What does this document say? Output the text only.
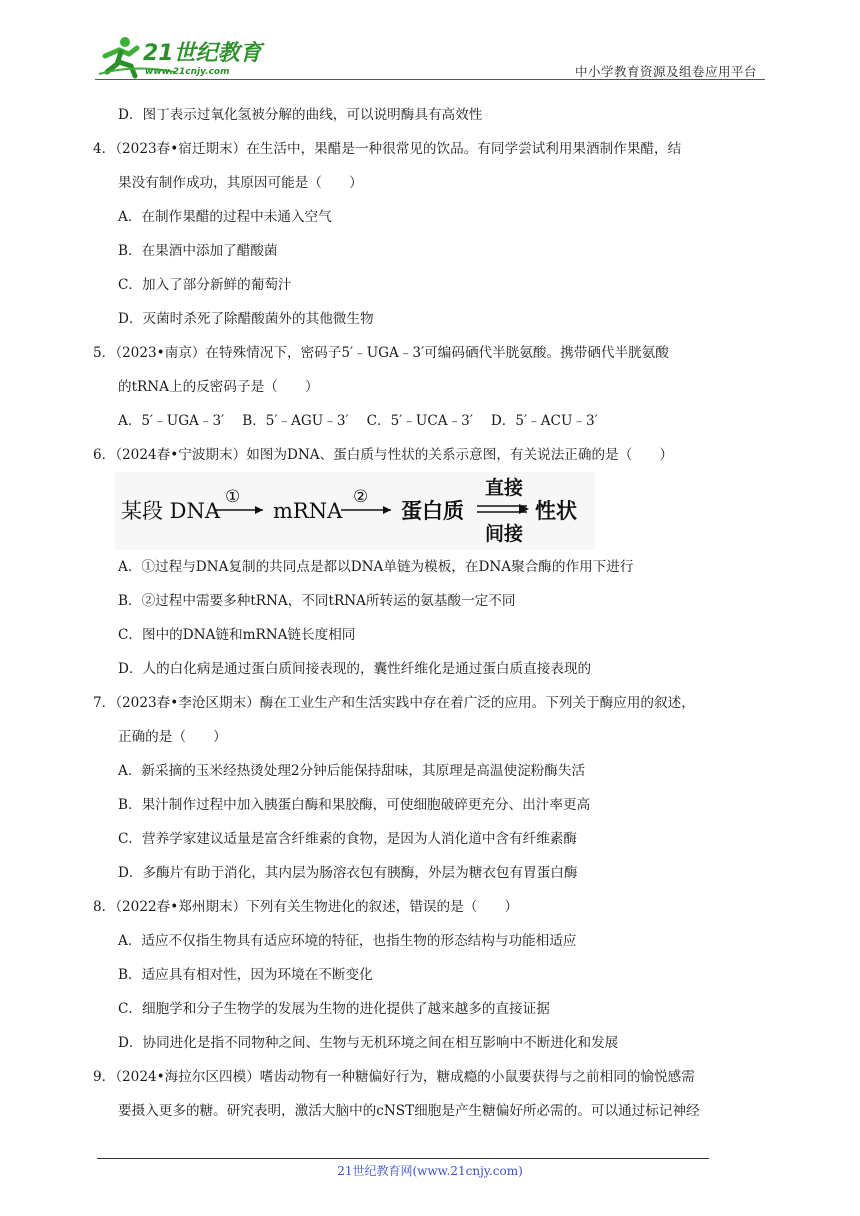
21世纪教育
www.21cnjy.com	中小学教育资源及组卷应用平台
D．图丁表示过氧化氢被分解的曲线，可以说明酶具有高效性
4．（2023春•宿迁期末）在生活中，果醋是一种很常见的饮品。有同学尝试利用果酒制作果醋，结
果没有制作成功，其原因可能是（　　）
A．在制作果醋的过程中未通入空气
B．在果酒中添加了醋酸菌
C．加入了部分新鲜的葡萄汁
D．灭菌时杀死了除醋酸菌外的其他微生物
5．（2023•南京）在特殊情况下，密码子5′﹣UGA﹣3′可编码硒代半胱氨酸。携带硒代半胱氨酸
的tRNA上的反密码子是（　　）
A．5′﹣UGA﹣3′ B．5′﹣AGU﹣3′ C．5′﹣UCA﹣3′ D．5′﹣ACU﹣3′
6．（2024春•宁波期末）如图为DNA、蛋白质与性状的关系示意图，有关说法正确的是（　　）
某段 DNA
①
mRNA
②
蛋白质
直接
间接
性状
A．①过程与DNA复制的共同点是都以DNA单链为模板，在DNA聚合酶的作用下进行
B．②过程中需要多种tRNA，不同tRNA所转运的氨基酸一定不同
C．图中的DNA链和mRNA链长度相同
D．人的白化病是通过蛋白质间接表现的，囊性纤维化是通过蛋白质直接表现的
7．（2023春•李沧区期末）酶在工业生产和生活实践中存在着广泛的应用。下列关于酶应用的叙述，
正确的是（　　）
A．新采摘的玉米经热烫处理2分钟后能保持甜味，其原理是高温使淀粉酶失活
B．果汁制作过程中加入胰蛋白酶和果胶酶，可使细胞破碎更充分、出汁率更高
C．营养学家建议适量是富含纤维素的食物，是因为人消化道中含有纤维素酶
D．多酶片有助于消化，其内层为肠溶衣包有胰酶，外层为糖衣包有胃蛋白酶
8．（2022春•郑州期末）下列有关生物进化的叙述，错误的是（　　）
A．适应不仅指生物具有适应环境的特征，也指生物的形态结构与功能相适应
B．适应具有相对性，因为环境在不断变化
C．细胞学和分子生物学的发展为生物的进化提供了越来越多的直接证据
D．协同进化是指不同物种之间、生物与无机环境之间在相互影响中不断进化和发展
9．（2024•海拉尔区四模）嗜齿动物有一种糖偏好行为，糖成瘾的小鼠要获得与之前相同的愉悦感需
要摄入更多的糖。研究表明，激活大脑中的cNST细胞是产生糖偏好所必需的。可以通过标记神经
21世纪教育网(www.21cnjy.com)
